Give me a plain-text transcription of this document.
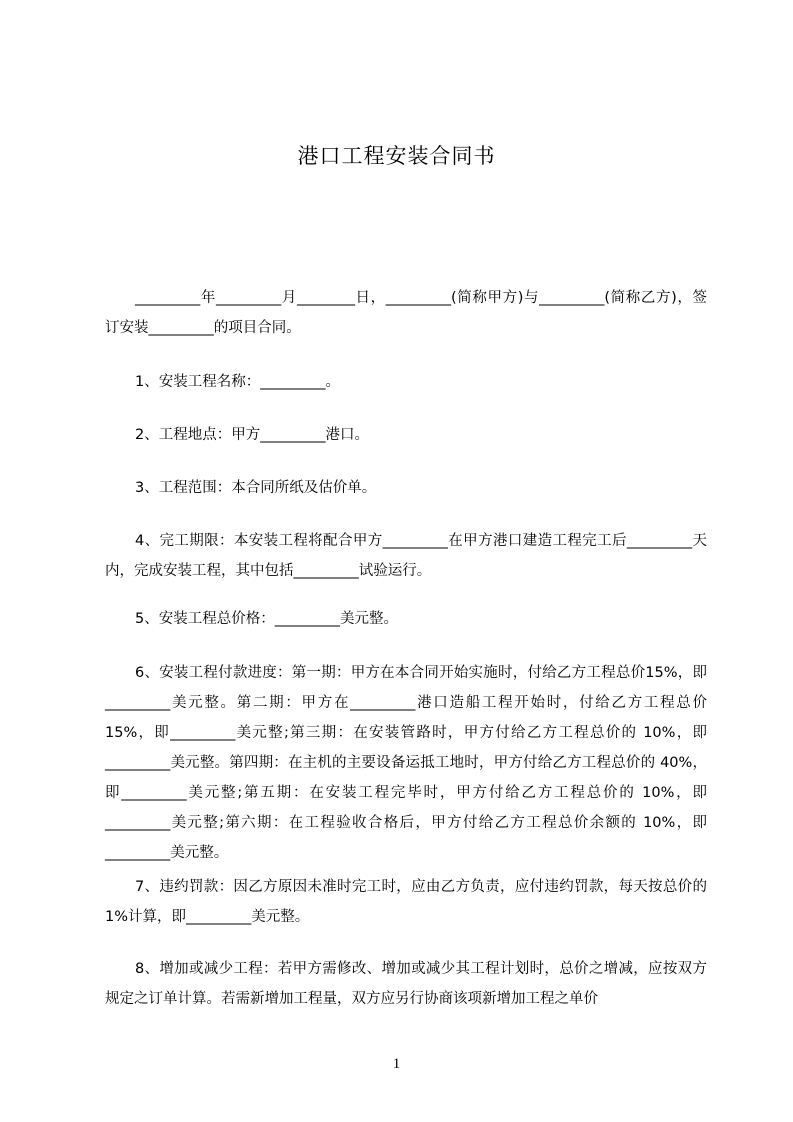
港口工程安装合同书

_________年_________月________日，_________(简称甲方)与_________(简称乙方)，签订安装_________的项目合同。

1、安装工程名称：_________。

2、工程地点：甲方_________港口。

3、工程范围：本合同所纸及估价单。

4、完工期限：本安装工程将配合甲方_________在甲方港口建造工程完工后_________天内，完成安装工程，其中包括_________试验运行。

5、安装工程总价格：_________美元整。

6、安装工程付款进度：第一期：甲方在本合同开始实施时，付给乙方工程总价15%，即_________美元整。第二期：甲方在_________港口造船工程开始时，付给乙方工程总价 15%，即_________美元整;第三期：在安装管路时，甲方付给乙方工程总价的 10%，即_________美元整。第四期：在主机的主要设备运抵工地时，甲方付给乙方工程总价的 40%，即_________美元整;第五期：在安装工程完毕时，甲方付给乙方工程总价的 10%，即_________美元整;第六期：在工程验收合格后，甲方付给乙方工程总价余额的 10%，即_________美元整。

7、违约罚款：因乙方原因未准时完工时，应由乙方负责，应付违约罚款，每天按总价的 1%计算，即_________美元整。

8、增加或减少工程：若甲方需修改、增加或减少其工程计划时，总价之增减，应按双方规定之订单计算。若需新增加工程量，双方应另行协商该项新增加工程之单价

1
